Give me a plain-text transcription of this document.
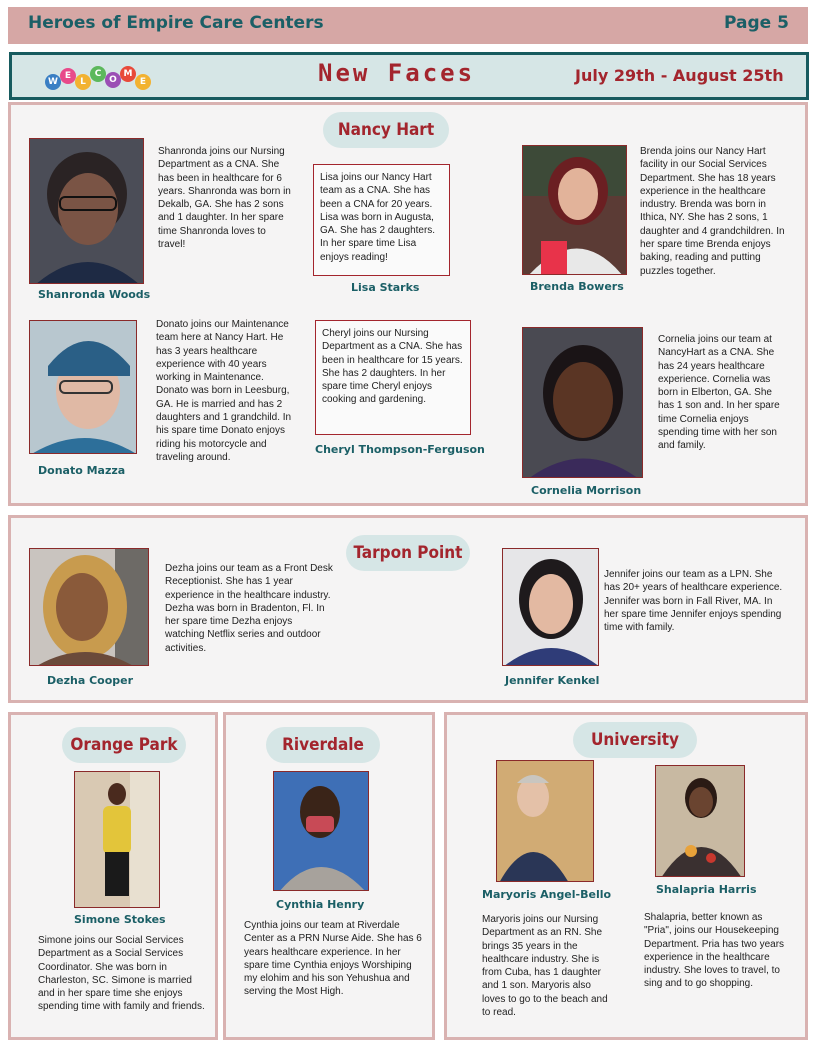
Heroes of Empire Care Centers	Page 5
W
E
L
C
O
M
E	New Faces	July 29th - August 25th
Nancy Hart
Shanronda joins our Nursing Department as a CNA. She has been in healthcare for 6 years. Shanronda was born in Dekalb, GA. She has 2 sons and 1 daughter. In her spare time Shanronda loves to travel!
Shanronda Woods
Lisa joins our Nancy Hart team as a CNA. She has been a CNA for 20 years. Lisa was born in Augusta, GA. She has 2 daughters. In her spare time Lisa enjoys reading!
Lisa Starks
Brenda joins our Nancy Hart facility in our Social Services Department. She has 18 years experience in the healthcare industry. Brenda was born in Ithica, NY. She has 2 sons, 1 daughter and 4 grandchildren. In her spare time Brenda enjoys baking, reading and putting puzzles together.
Brenda Bowers
Donato joins our Maintenance team here at Nancy Hart. He has 3 years healthcare experience with 40 years working in Maintenance. Donato was born in Leesburg, GA. He is married and has 2 daughters and 1 grandchild. In his spare time Donato enjoys riding his motorcycle and traveling around.
Donato Mazza
Cheryl joins our Nursing Department as a CNA. She has been in healthcare for 15 years. She has 2 daughters. In her spare time Cheryl enjoys cooking and gardening.
Cheryl Thompson-Ferguson
Cornelia joins our team at NancyHart as a CNA. She has 24 years healthcare experience. Cornelia was born in Elberton, GA. She has 1 son and. In her spare time Cornelia enjoys spending time with her son and family.
Cornelia Morrison
Tarpon Point
Dezha joins our team as a Front Desk Receptionist. She has 1 year experience in the healthcare industry. Dezha was born in Bradenton, Fl. In her spare time Dezha enjoys watching Netflix series and outdoor activities.
Dezha Cooper
Jennifer joins our team as a LPN. She has 20+ years of healthcare experience. Jennifer was born in Fall River, MA. In her spare time Jennifer enjoys spending time with family.
Jennifer Kenkel
Orange Park
Simone Stokes
Simone joins our Social Services Department as a Social Services Coordinator. She was born in Charleston, SC. Simone is married and in her spare time she enjoys spending time with family and friends.
Riverdale
Cynthia Henry
Cynthia joins our team at Riverdale Center as a PRN Nurse Aide. She has 6 years healthcare experience. In her spare time Cynthia enjoys Worshiping my elohim and his son Yehushua and serving the Most High.
University
Maryoris Angel-Bello
Maryoris joins our Nursing Department as an RN. She brings 35 years in the healthcare industry. She is from Cuba, has 1 daughter and 1 son. Maryoris also loves to go to the beach and to read.
Shalapria Harris
Shalapria, better known as "Pria", joins our Housekeeping Department. Pria has two years experience in the healthcare industry. She loves to travel, to sing and to go shopping.
